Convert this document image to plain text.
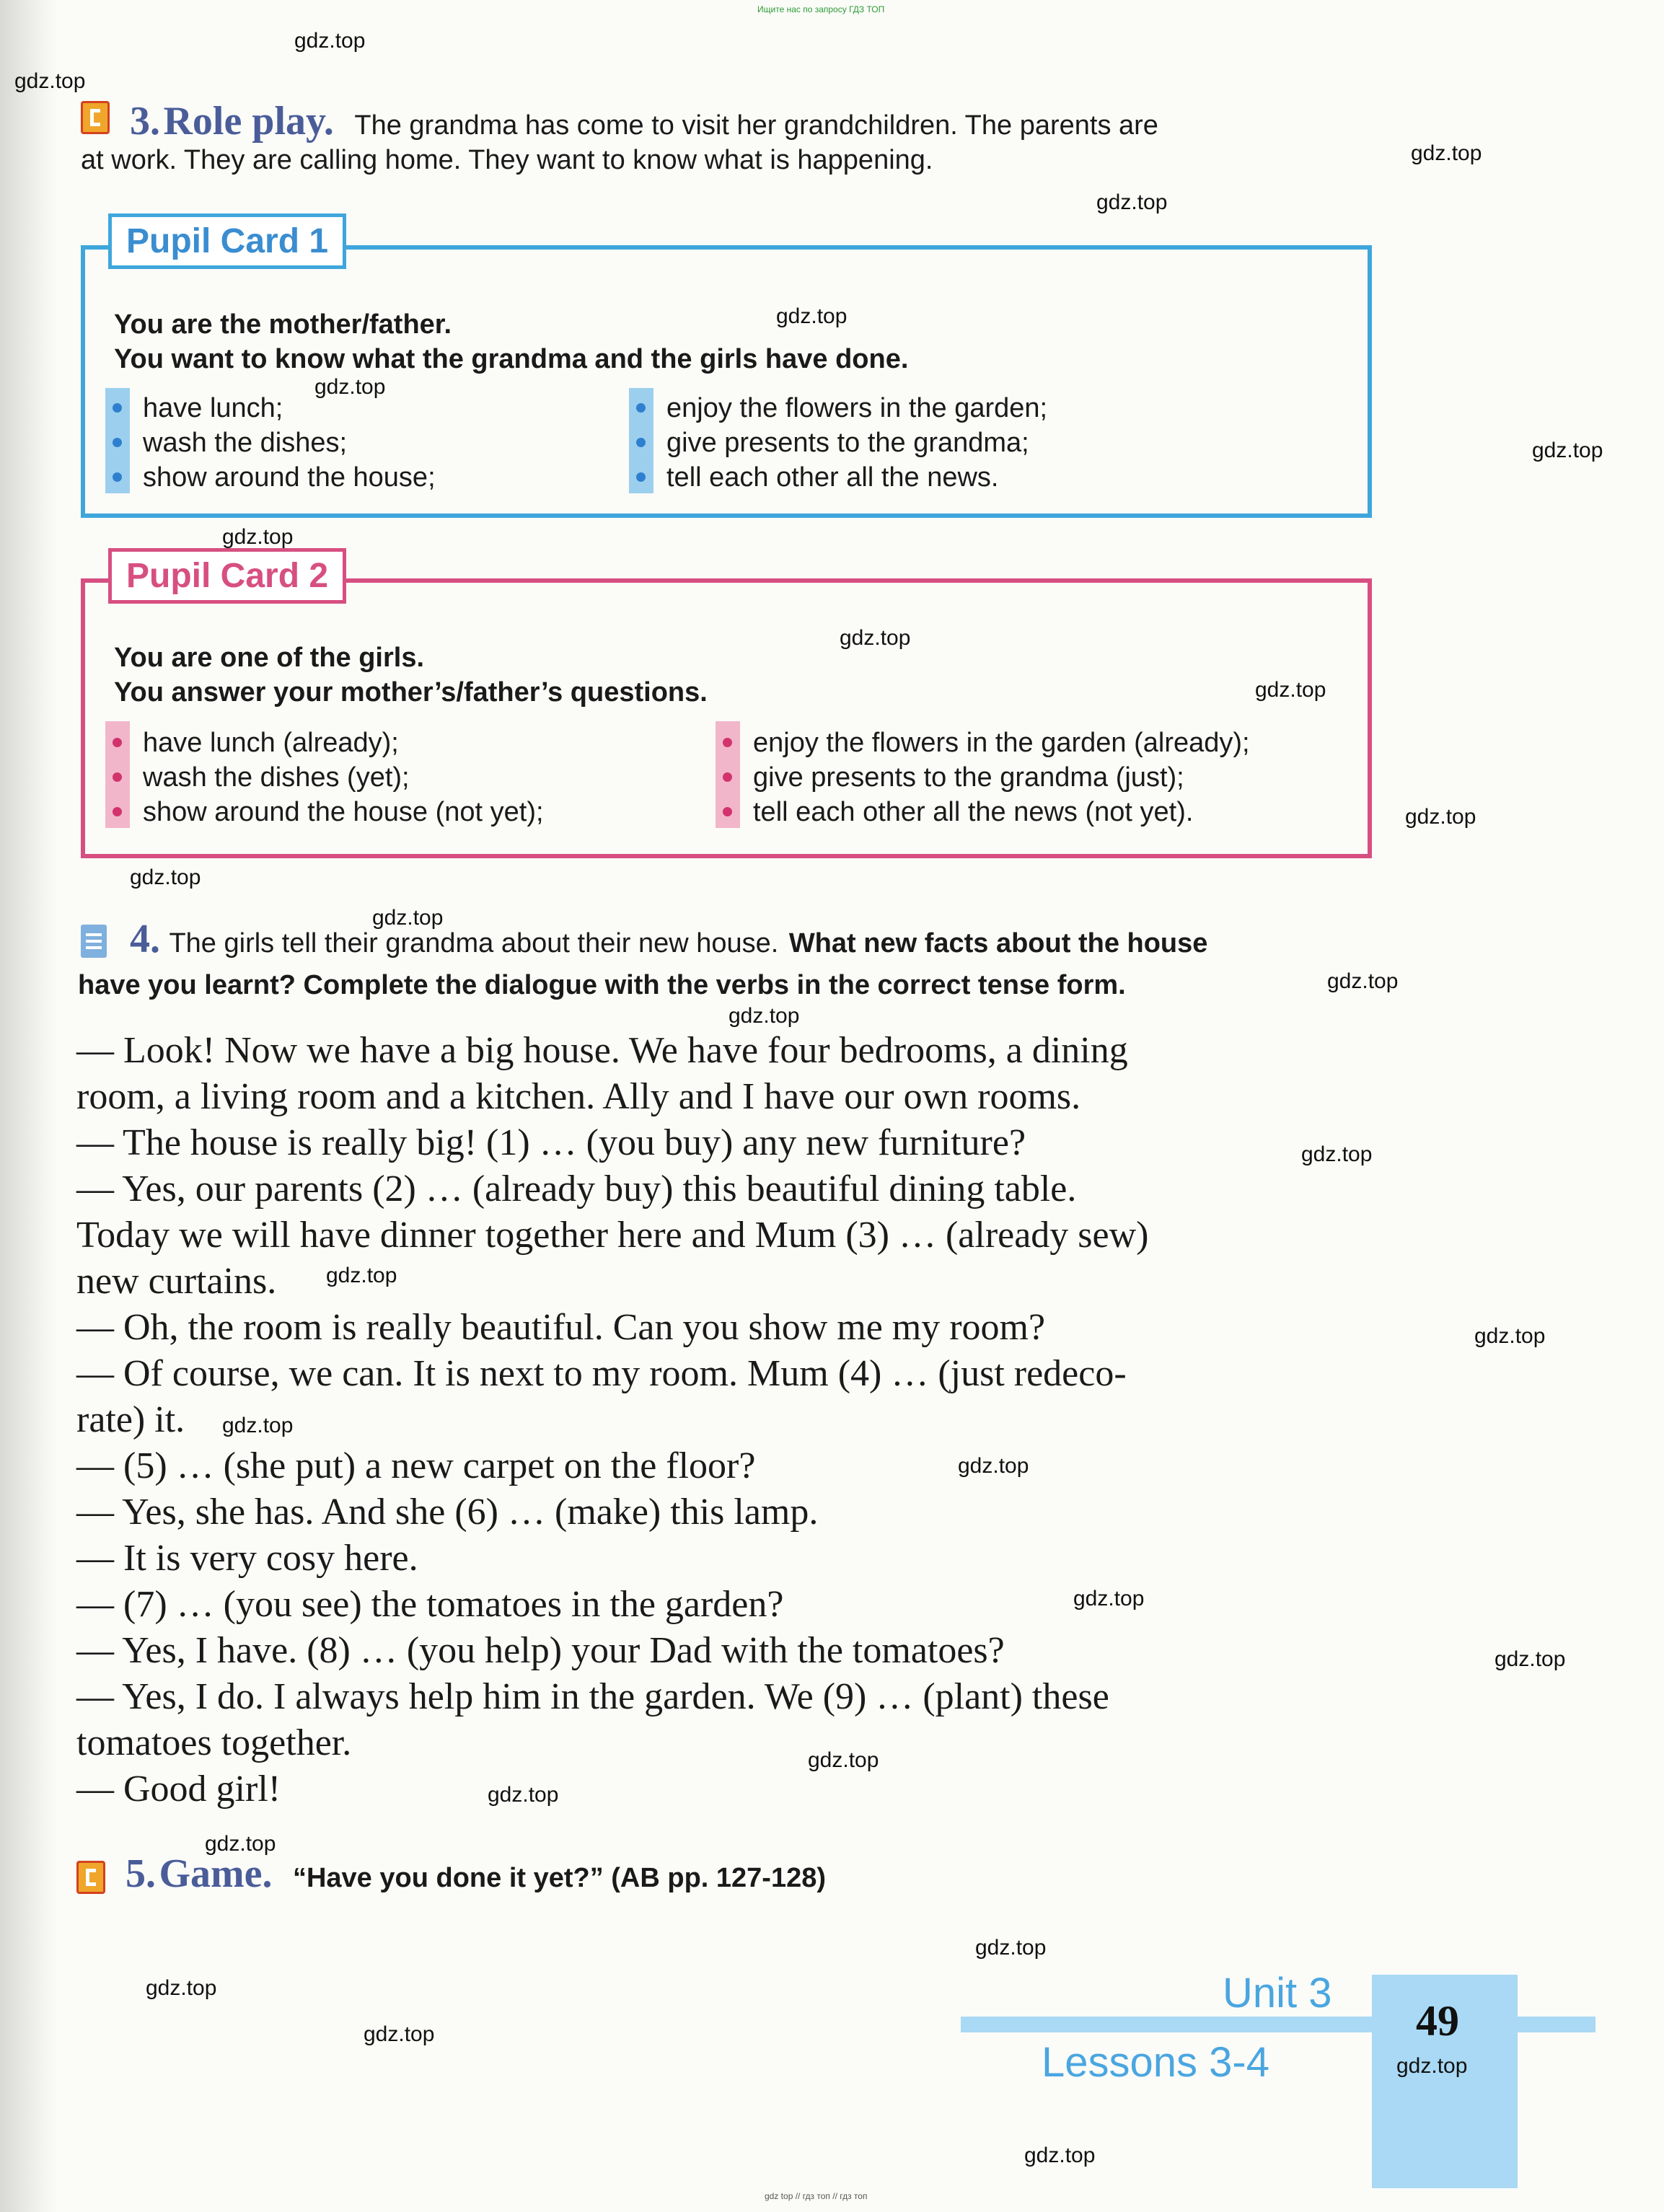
Ищите нас по запросу ГДЗ ТОП
3. Role play. The grandma has come to visit her grandchildren. The parents are
at work. They are calling home. They want to know what is happening.
Pupil Card 1
You are the mother/father.
You want to know what the grandma and the girls have done.
have lunch;
wash the dishes;
show around the house;
enjoy the flowers in the garden;
give presents to the grandma;
tell each other all the news.
Pupil Card 2
You are one of the girls.
You answer your mother’s/father’s questions.
have lunch (already);
wash the dishes (yet);
show around the house (not yet);
enjoy the flowers in the garden (already);
give presents to the grandma (just);
tell each other all the news (not yet).
4. The girls tell their grandma about their new house. What new facts about the house
have you learnt? Complete the dialogue with the verbs in the correct tense form.

— Look! Now we have a big house. We have four bedrooms, a dining

room, a living room and a kitchen. Ally and I have our own rooms.

— The house is really big! (1) … (you buy) any new furniture?

— Yes, our parents (2) … (already buy) this beautiful dining table.

Today we will have dinner together here and Mum (3) … (already sew)

new curtains.

— Oh, the room is really beautiful. Can you show me my room?

— Of course, we can. It is next to my room. Mum (4) … (just redeco-

rate) it.

— (5) … (she put) a new carpet on the floor?

— Yes, she has. And she (6) … (make) this lamp.

— It is very cosy here.

— (7) … (you see) the tomatoes in the garden?

— Yes, I have. (8) … (you help) your Dad with the tomatoes?

— Yes, I do. I always help him in the garden. We (9) … (plant) these

tomatoes together.

— Good girl!

5. Game. “Have you done it yet?” (AB pp. 127-128)
Unit 3
Lessons 3-4
49
gdz top // гдз топ // гдз топ
gdz.top
gdz.top
gdz.top
gdz.top
gdz.top
gdz.top
gdz.top
gdz.top
gdz.top
gdz.top
gdz.top
gdz.top
gdz.top
gdz.top
gdz.top
gdz.top
gdz.top
gdz.top
gdz.top
gdz.top
gdz.top
gdz.top
gdz.top
gdz.top
gdz.top
gdz.top
gdz.top
gdz.top
gdz.top
gdz.top
